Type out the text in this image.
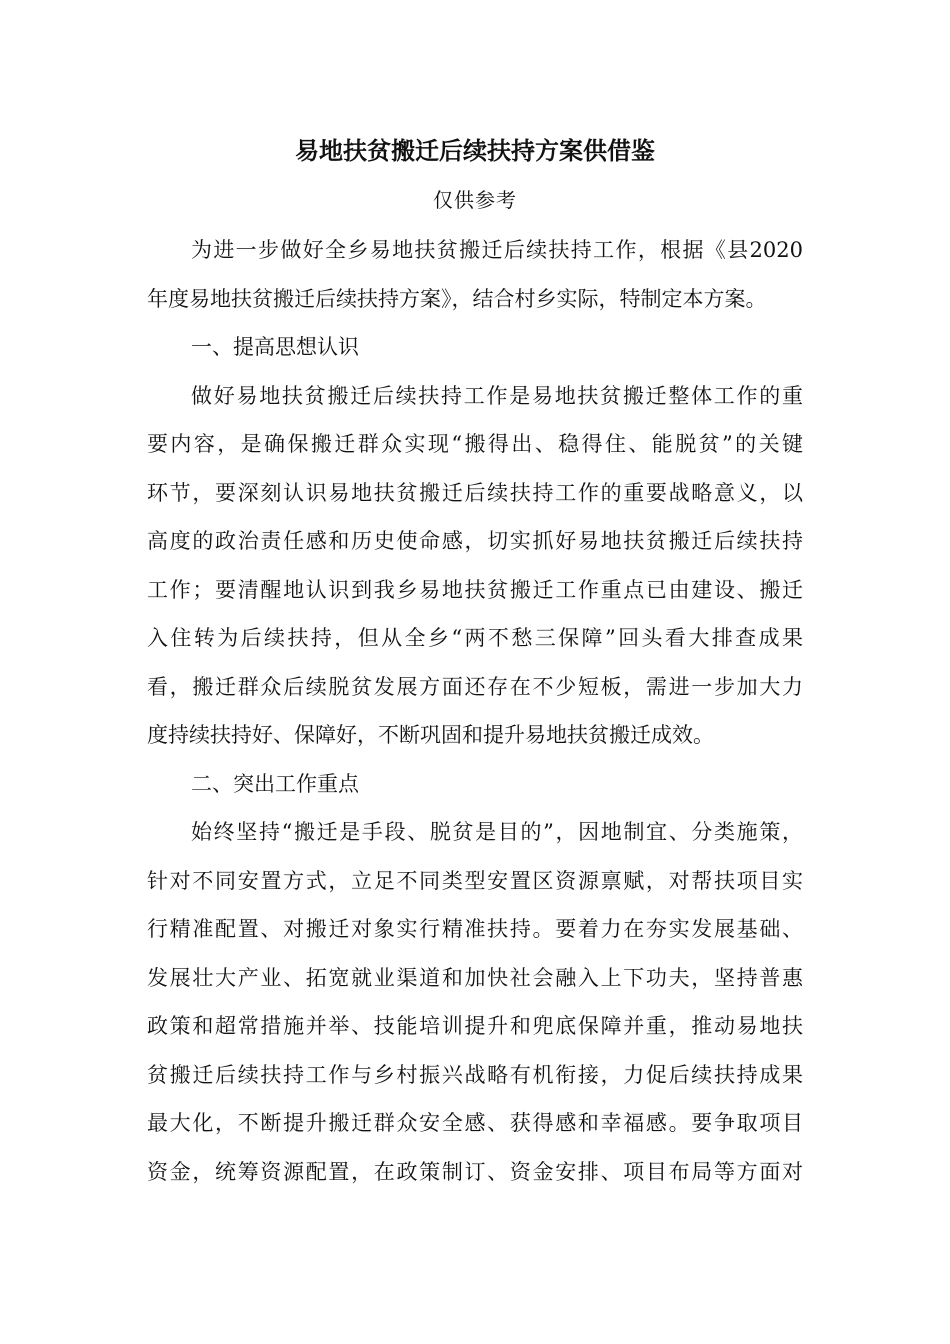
易地扶贫搬迁后续扶持方案供借鉴
仅供参考
为进一步做好全乡易地扶贫搬迁后续扶持工作，根据《县2020
年度易地扶贫搬迁后续扶持方案》，结合村乡实际，特制定本方案。
一、提高思想认识
做好易地扶贫搬迁后续扶持工作是易地扶贫搬迁整体工作的重
要内容，是确保搬迁群众实现“搬得出、稳得住、能脱贫”的关键
环节，要深刻认识易地扶贫搬迁后续扶持工作的重要战略意义，以
高度的政治责任感和历史使命感，切实抓好易地扶贫搬迁后续扶持
工作；要清醒地认识到我乡易地扶贫搬迁工作重点已由建设、搬迁
入住转为后续扶持，但从全乡“两不愁三保障”回头看大排查成果
看，搬迁群众后续脱贫发展方面还存在不少短板，需进一步加大力
度持续扶持好、保障好，不断巩固和提升易地扶贫搬迁成效。
二、突出工作重点
始终坚持“搬迁是手段、脱贫是目的”，因地制宜、分类施策，
针对不同安置方式，立足不同类型安置区资源禀赋，对帮扶项目实
行精准配置、对搬迁对象实行精准扶持。要着力在夯实发展基础、
发展壮大产业、拓宽就业渠道和加快社会融入上下功夫，坚持普惠
政策和超常措施并举、技能培训提升和兜底保障并重，推动易地扶
贫搬迁后续扶持工作与乡村振兴战略有机衔接，力促后续扶持成果
最大化，不断提升搬迁群众安全感、获得感和幸福感。要争取项目
资金，统筹资源配置，在政策制订、资金安排、项目布局等方面对
